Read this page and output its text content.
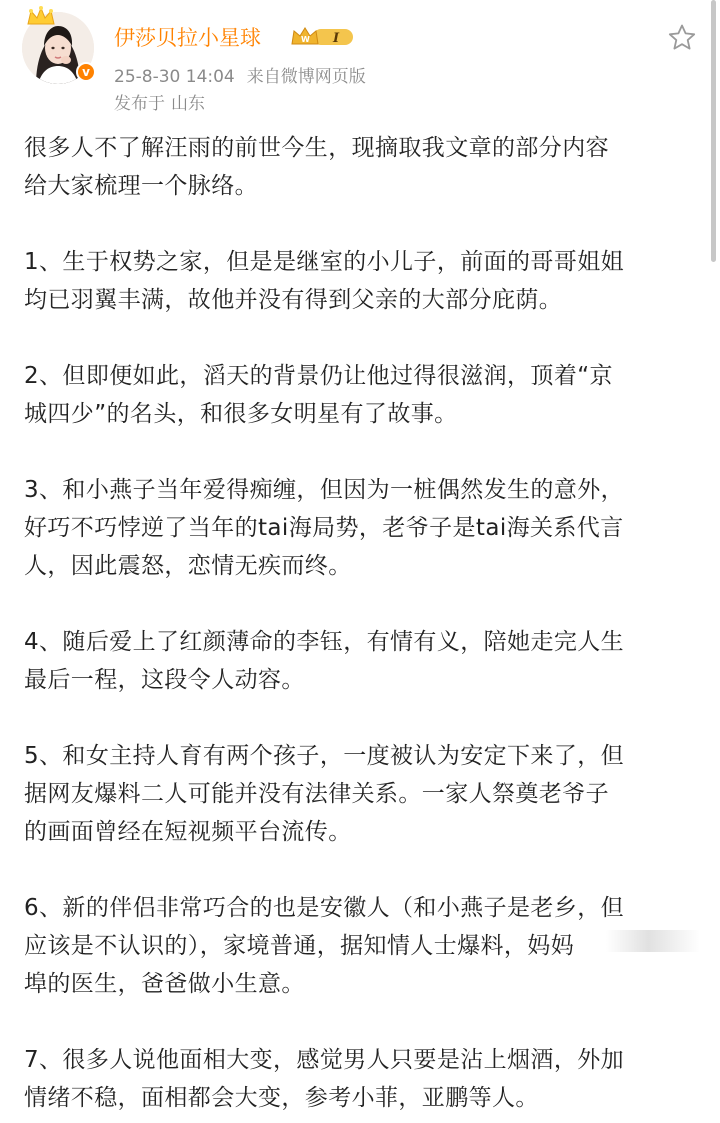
v
伊莎贝拉小星球	W I
25-8-30 14:04 来自微博网页版
发布于 山东

很多人不了解汪雨的前世今生，现摘取我文章的部分内容
给大家梳理一个脉络。

1、生于权势之家，但是是继室的小儿子，前面的哥哥姐姐
均已羽翼丰满，故他并没有得到父亲的大部分庇荫。

2、但即便如此，滔天的背景仍让他过得很滋润，顶着“京
城四少”的名头，和很多女明星有了故事。

3、和小燕子当年爱得痴缠，但因为一桩偶然发生的意外，
好巧不巧悖逆了当年的tai海局势，老爷子是tai海关系代言
人，因此震怒，恋情无疾而终。

4、随后爱上了红颜薄命的李钰，有情有义，陪她走完人生
最后一程，这段令人动容。

5、和女主持人育有两个孩子，一度被认为安定下来了，但
据网友爆料二人可能并没有法律关系。一家人祭奠老爷子
的画面曾经在短视频平台流传。

6、新的伴侣非常巧合的也是安徽人（和小燕子是老乡，但
应该是不认识的），家境普通，据知情人士爆料，妈妈
埠的医生，爸爸做小生意。

7、很多人说他面相大变，感觉男人只要是沾上烟酒，外加
情绪不稳，面相都会大变，参考小菲，亚鹏等人。
